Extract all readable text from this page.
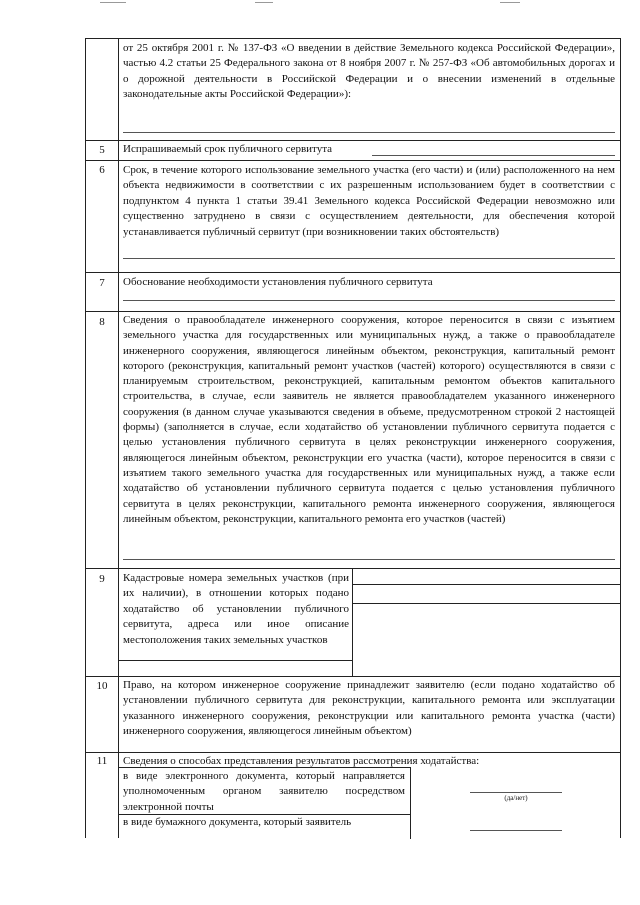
от 25 октября 2001 г. № 137-ФЗ «О введении в действие Земельного кодекса Российской Федерации», частью 4.2 статьи 25 Федерального закона от 8 ноября 2007 г. № 257-ФЗ «Об автомобильных дорогах и о дорожной деятельности в Российской Федерации и о внесении изменений в отдельные законодательные акты Российской Федерации»):
5	Испрашиваемый срок публичного сервитута
6	Срок, в течение которого использование земельного участка (его части) и (или) расположенного на нем объекта недвижимости в соответствии с их разрешенным использованием будет в соответствии с подпунктом 4 пункта 1 статьи 39.41 Земельного кодекса Российской Федерации невозможно или существенно затруднено в связи с осуществлением деятельности, для обеспечения которой устанавливается публичный сервитут (при возникновении таких обстоятельств)
7	Обоснование необходимости установления публичного сервитута
8	Сведения о правообладателе инженерного сооружения, которое переносится в связи с изъятием земельного участка для государственных или муниципальных нужд, а также о правообладателе инженерного сооружения, являющегося линейным объектом, реконструкция, капитальный ремонт которого (реконструкция, капитальный ремонт участков (частей) которого) осуществляются в связи с планируемым строительством, реконструкцией, капитальным ремонтом объектов капитального строительства, в случае, если заявитель не является правообладателем указанного инженерного сооружения (в данном случае указываются сведения в объеме, предусмотренном строкой 2 настоящей формы) (заполняется в случае, если ходатайство об установлении публичного сервитута подается с целью установления публичного сервитута в целях реконструкции инженерного сооружения, являющегося линейным объектом, реконструкции его участка (части), которое переносится в связи с изъятием такого земельного участка для государственных или муниципальных нужд, а также если ходатайство об установлении публичного сервитута подается с целью установления публичного сервитута в целях реконструкции, капитального ремонта инженерного сооружения, являющегося линейным объектом, реконструкции, капитального ремонта его участков (частей)
9	Кадастровые номера земельных участков (при их наличии), в отношении которых подано ходатайство об установлении публичного сервитута, адреса или иное описание местоположения таких земельных участков
10	Право, на котором инженерное сооружение принадлежит заявителю (если подано ходатайство об установлении публичного сервитута для реконструкции, капитального ремонта или эксплуатации указанного инженерного сооружения, реконструкции или капитального ремонта участка (части) инженерного сооружения, являющегося линейным объектом)
11	Сведения о способах представления результатов рассмотрения ходатайства:
в виде электронного документа, который направляется уполномоченным органом заявителю посредством электронной почты
в виде бумажного документа, который заявитель
(да/нет)
